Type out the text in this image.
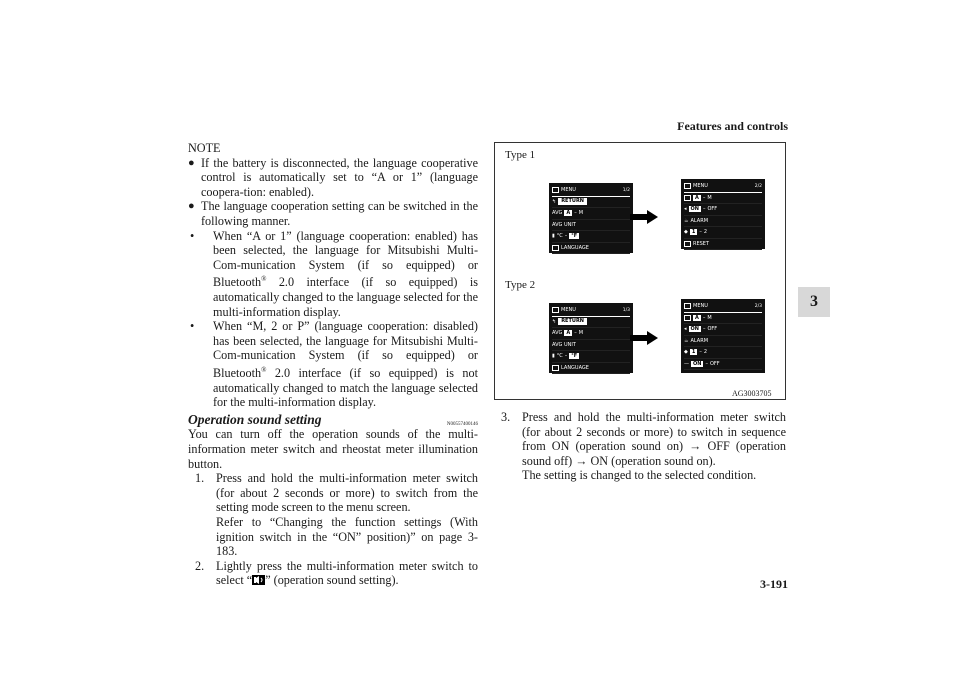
Features and controls
3
3-191

NOTE

● If the battery is disconnected, the language cooperative control is automatically set to “A or 1” (language coopera-tion: enabled).
● The language cooperation setting can be switched in the following manner.
• When “A or 1” (language cooperation: enabled) has been selected, the language for Mitsubishi Multi-Com-munication System (if so equipped) or Bluetooth® 2.0 interface (if so equipped) is automatically changed to the language selected for the multi-information display.
• When “M, 2 or P” (language cooperation: disabled) has been selected, the language for Mitsubishi Multi-Com-munication System (if so equipped) or Bluetooth® 2.0 interface (if so equipped) is not automatically changed to match the language selected for the multi-information display.
Operation sound setting	N00557400146

You can turn off the operation sounds of the multi-information meter switch and rheostat meter illumination button.

1. Press and hold the multi-information meter switch (for about 2 seconds or more) to switch from the setting mode screen to the menu screen.
Refer to “Changing the function settings (With ignition switch in the “ON” position)” on page 3-183.
2. Lightly press the multi-information meter switch to select “ ” (operation sound setting).
Type 1
Type 2
MENU	1/2
↰	RETURN
AVG A – M
AVG UNIT
▮ °C – °F
LANGUAGE
MENU	2/2
A – M
◂ ON – OFF
☕ ALARM
◆ 1 – 2
RESET
MENU	1/3
↰	RETURN
AVG A – M
AVG UNIT
▮ °C – °F
LANGUAGE
MENU	2/3
A – M
◂ ON – OFF
☕ ALARM
◆ 1 – 2
— ON – OFF
AG3003705
3. Press and hold the multi-information meter switch (for about 2 seconds or more) to switch in sequence from ON (operation sound on) → OFF (operation sound off) → ON (operation sound on).
The setting is changed to the selected condition.
